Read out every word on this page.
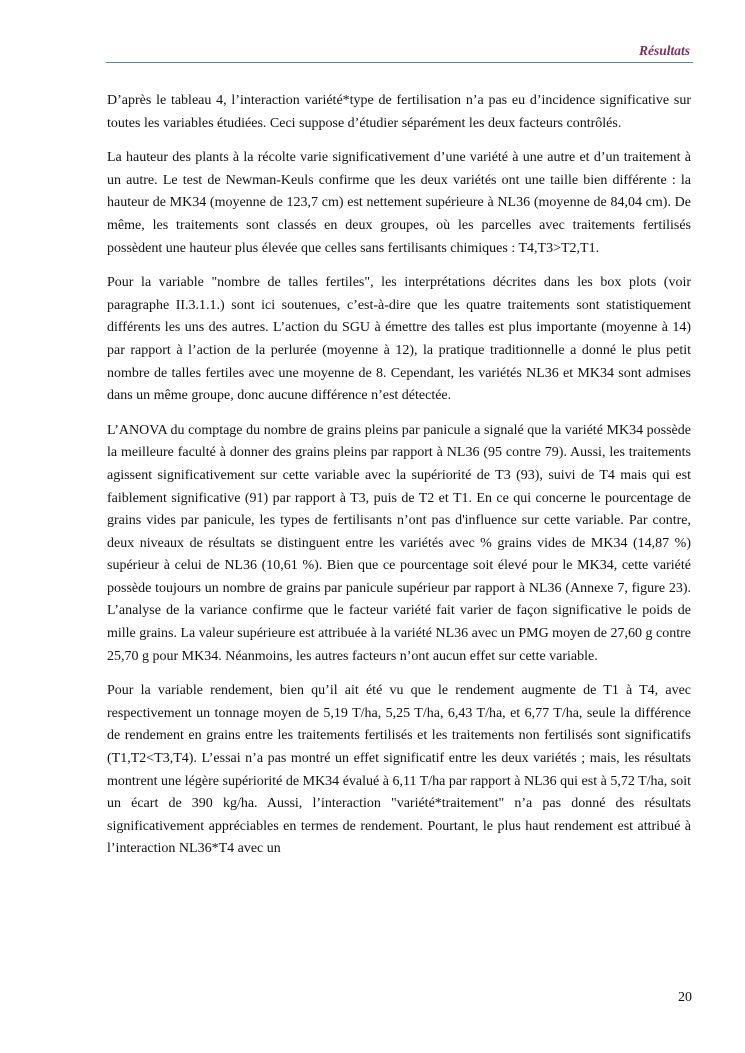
Résultats

D’après le tableau 4, l’interaction variété*type de fertilisation n’a pas eu d’incidence significative sur toutes les variables étudiées. Ceci suppose d’étudier séparément les deux facteurs contrôlés.

La hauteur des plants à la récolte varie significativement d’une variété à une autre et d’un traitement à un autre. Le test de Newman-Keuls confirme que les deux variétés ont une taille bien différente : la hauteur de MK34 (moyenne de 123,7 cm) est nettement supérieure à NL36 (moyenne de 84,04 cm). De même, les traitements sont classés en deux groupes, où les parcelles avec traitements fertilisés possèdent une hauteur plus élevée que celles sans fertilisants chimiques : T4,T3>T2,T1.

Pour la variable "nombre de talles fertiles", les interprétations décrites dans les box plots (voir paragraphe II.3.1.1.) sont ici soutenues, c’est-à-dire que les quatre traitements sont statistiquement différents les uns des autres. L’action du SGU à émettre des talles est plus importante (moyenne à 14) par rapport à l’action de la perlurée (moyenne à 12), la pratique traditionnelle a donné le plus petit nombre de talles fertiles avec une moyenne de 8. Cependant, les variétés NL36 et MK34 sont admises dans un même groupe, donc aucune différence n’est détectée.

L’ANOVA du comptage du nombre de grains pleins par panicule a signalé que la variété MK34 possède la meilleure faculté à donner des grains pleins par rapport à NL36 (95 contre 79). Aussi, les traitements agissent significativement sur cette variable avec la supériorité de T3 (93), suivi de T4 mais qui est faiblement significative (91) par rapport à T3, puis de T2 et T1. En ce qui concerne le pourcentage de grains vides par panicule, les types de fertilisants n’ont pas d'influence sur cette variable. Par contre, deux niveaux de résultats se distinguent entre les variétés avec % grains vides de MK34 (14,87 %) supérieur à celui de NL36 (10,61 %). Bien que ce pourcentage soit élevé pour le MK34, cette variété possède toujours un nombre de grains par panicule supérieur par rapport à NL36 (Annexe 7, figure 23). L’analyse de la variance confirme que le facteur variété fait varier de façon significative le poids de mille grains. La valeur supérieure est attribuée à la variété NL36 avec un PMG moyen de 27,60 g contre 25,70 g pour MK34. Néanmoins, les autres facteurs n’ont aucun effet sur cette variable.

Pour la variable rendement, bien qu’il ait été vu que le rendement augmente de T1 à T4, avec respectivement un tonnage moyen de 5,19 T/ha, 5,25 T/ha, 6,43 T/ha, et 6,77 T/ha, seule la différence de rendement en grains entre les traitements fertilisés et les traitements non fertilisés sont significatifs (T1,T2<T3,T4). L’essai n’a pas montré un effet significatif entre les deux variétés ; mais, les résultats montrent une légère supériorité de MK34 évalué à 6,11 T/ha par rapport à NL36 qui est à 5,72 T/ha, soit un écart de 390 kg/ha. Aussi, l’interaction "variété*traitement" n’a pas donné des résultats significativement appréciables en termes de rendement. Pourtant, le plus haut rendement est attribué à l’interaction NL36*T4 avec un

20
